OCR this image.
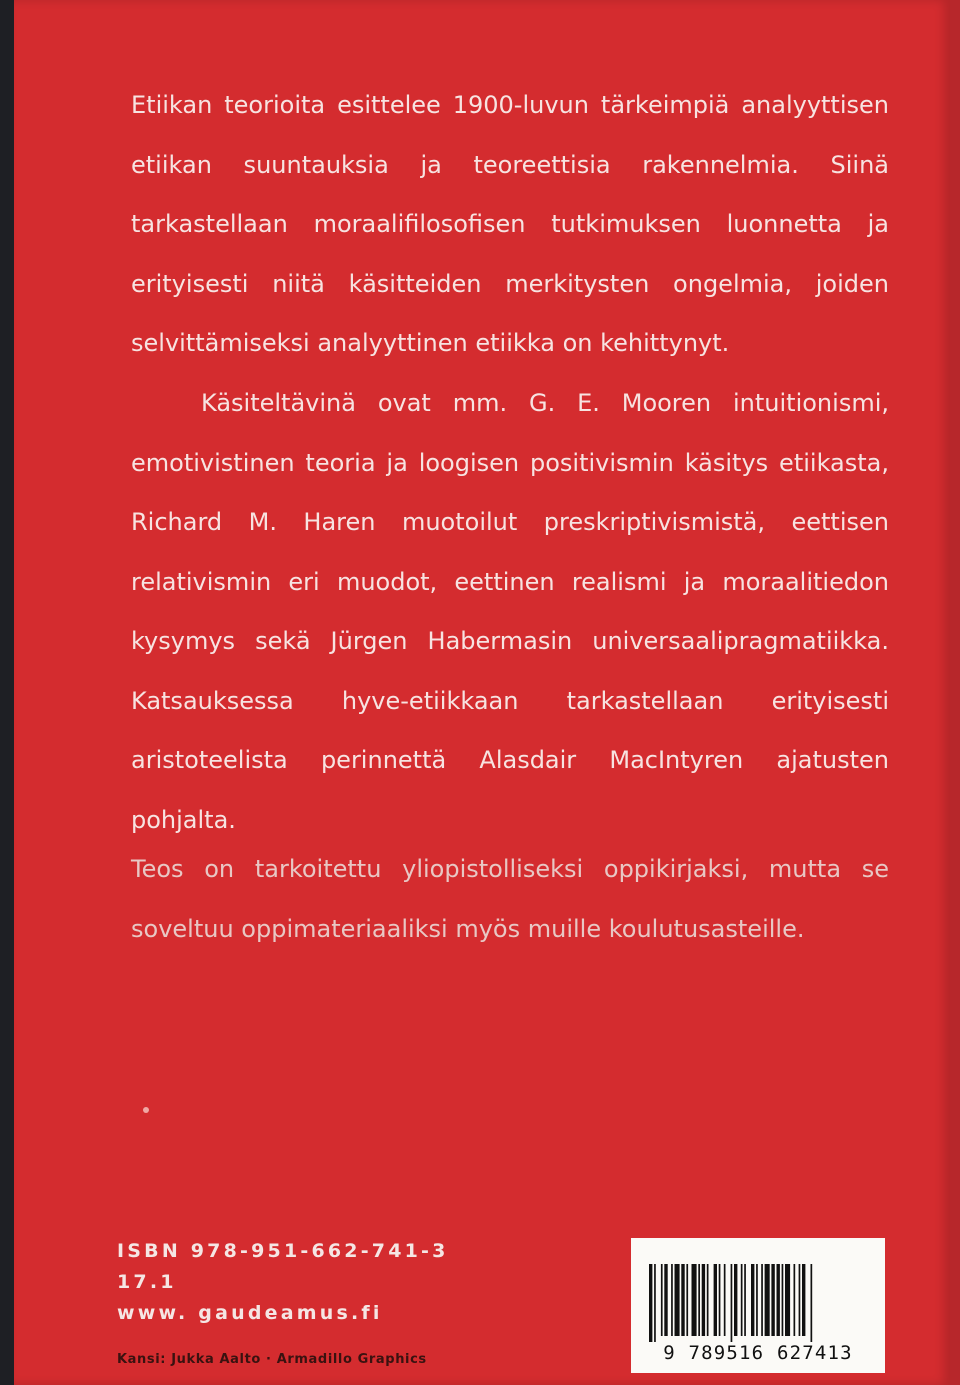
Etiikan teorioita esittelee 1900-luvun tärkeimpiä analyyttisen etiikan suuntauksia ja teoreettisia rakennelmia. Siinä tarkastellaan moraalifilosofisen tutkimuksen luonnetta ja erityisesti niitä käsitteiden merkitysten ongelmia, joiden selvittämiseksi analyyttinen etiikka on kehittynyt.

Käsiteltävinä ovat mm. G. E. Mooren intuitionismi, emotivistinen teoria ja loogisen positivismin käsitys etiikasta, Richard M. Haren muotoilut preskriptivismistä, eettisen relativismin eri muodot, eettinen realismi ja moraalitiedon kysymys sekä Jürgen Habermasin universaalipragmatiikka. Katsauksessa hyve-etiikkaan tarkastellaan erityisesti aristoteelista perinnettä Alasdair MacIntyren ajatusten pohjalta.

Teos on tarkoitettu yliopistolliseksi oppikirjaksi, mutta se soveltuu oppimateriaaliksi myös muille koulutusasteille.

ISBN 978-951-662-741-3
17.1
www. gaudeamus.fi
Kansi: Jukka Aalto · Armadillo Graphics	9 789516 627413
